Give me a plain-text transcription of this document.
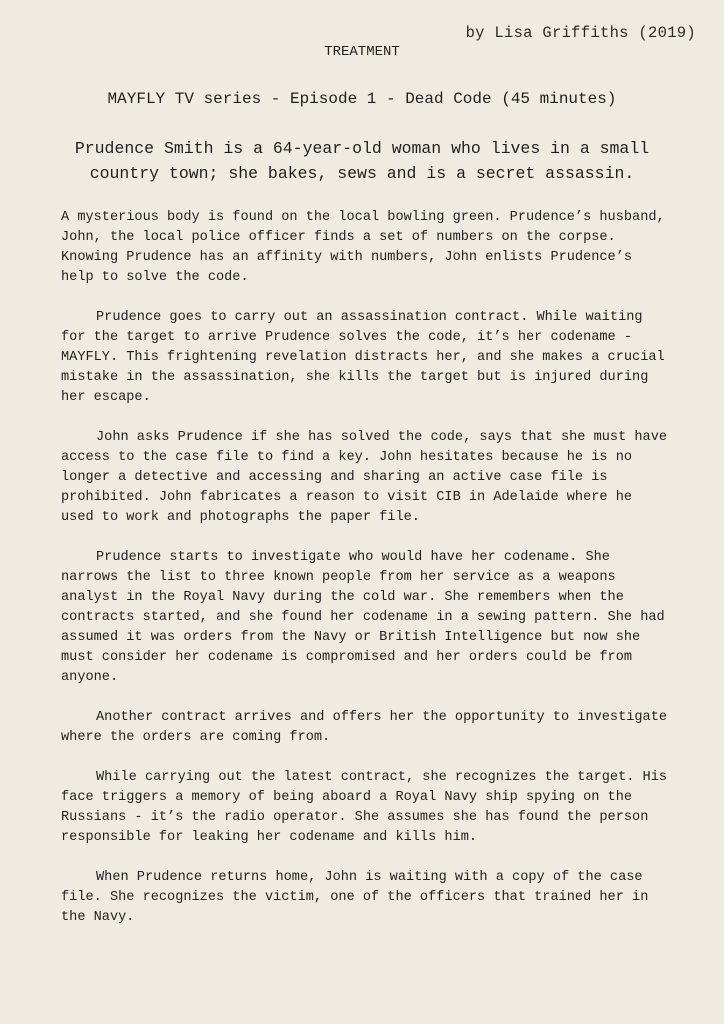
by Lisa Griffiths (2019)
TREATMENT
MAYFLY TV series - Episode 1 - Dead Code (45 minutes)
Prudence Smith is a 64-year-old woman who lives in a small country town; she bakes, sews and is a secret assassin.

A mysterious body is found on the local bowling green. Prudence’s husband, John, the local police officer finds a set of numbers on the corpse. Knowing Prudence has an affinity with numbers, John enlists Prudence’s help to solve the code.

Prudence goes to carry out an assassination contract. While waiting for the target to arrive Prudence solves the code, it’s her codename - MAYFLY. This frightening revelation distracts her, and she makes a crucial mistake in the assassination, she kills the target but is injured during her escape.

John asks Prudence if she has solved the code, says that she must have access to the case file to find a key. John hesitates because he is no longer a detective and accessing and sharing an active case file is prohibited. John fabricates a reason to visit CIB in Adelaide where he used to work and photographs the paper file.

Prudence starts to investigate who would have her codename. She narrows the list to three known people from her service as a weapons analyst in the Royal Navy during the cold war. She remembers when the contracts started, and she found her codename in a sewing pattern. She had assumed it was orders from the Navy or British Intelligence but now she must consider her codename is compromised and her orders could be from anyone.

Another contract arrives and offers her the opportunity to investigate where the orders are coming from.

While carrying out the latest contract, she recognizes the target. His face triggers a memory of being aboard a Royal Navy ship spying on the Russians - it’s the radio operator. She assumes she has found the person responsible for leaking her codename and kills him.

When Prudence returns home, John is waiting with a copy of the case file. She recognizes the victim, one of the officers that trained her in the Navy.
